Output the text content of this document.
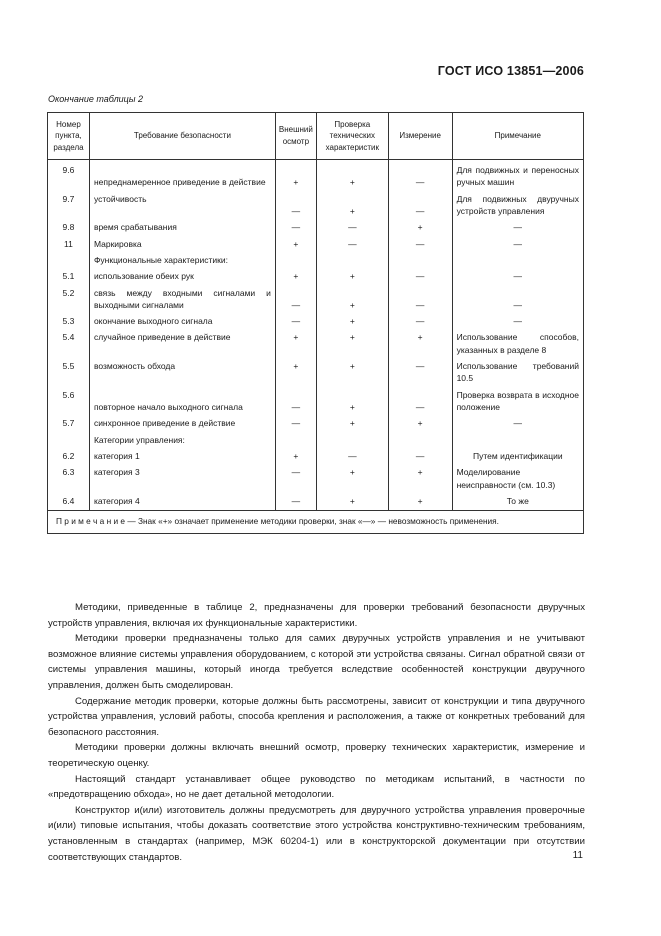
ГОСТ ИСО 13851—2006
Окончание таблицы 2
Номер пункта, раздела	Требование безопасности	Внешний осмотр	Проверка технических характеристик	Измерение	Примечание
9.6	непреднамеренное приведение в действие	+	+	—	Для подвижных и переносных ручных машин
9.7	устойчивость	—	+	—	Для подвижных двуручных устройств управления
9.8	время срабатывания	—	—	+	—
11	Маркировка	+	—	—	—
	Функциональные характеристики:				
5.1	использование обеих рук	+	+	—	—
5.2	связь между входными сигналами и выходными сигналами	—	+	—	—
5.3	окончание выходного сигнала	—	+	—	—
5.4	случайное приведение в действие	+	+	+	Использование способов, указанных в разделе 8
5.5	возможность обхода	+	+	—	Использование требований 10.5
5.6	повторное начало выходного сигнала	—	+	—	Проверка возврата в исходное положение
5.7	синхронное приведение в действие	—	+	+	—
	Категории управления:				
6.2	категория 1	+	—	—	Путем идентификации
6.3	категория 3	—	+	+	Моделирование неисправности (см. 10.3)
6.4	категория 4	—	+	+	То же
П р и м е ч а н и е — Знак «+» означает применение методики проверки, знак «—» — невозможность применения.					

Методики, приведенные в таблице 2, предназначены для проверки требований безопасности двуручных устройств управления, включая их функциональные характеристики.

Методики проверки предназначены только для самих двуручных устройств управления и не учитывают возможное влияние системы управления оборудованием, с которой эти устройства связаны. Сигнал обратной связи от системы управления машины, который иногда требуется вследствие особенностей конструкции двуручного управления, должен быть смоделирован.

Содержание методик проверки, которые должны быть рассмотрены, зависит от конструкции и типа двуручного устройства управления, условий работы, способа крепления и расположения, а также от конкретных требований для безопасного расстояния.

Методики проверки должны включать внешний осмотр, проверку технических характеристик, измерение и теоретическую оценку.

Настоящий стандарт устанавливает общее руководство по методикам испытаний, в частности по «предотвращению обхода», но не дает детальной методологии.

Конструктор и(или) изготовитель должны предусмотреть для двуручного устройства управления проверочные и(или) типовые испытания, чтобы доказать соответствие этого устройства конструктивно-техническим требованиям, установленным в стандартах (например, МЭК 60204-1) или в конструкторской документации при отсутствии соответствующих стандартов.	11
